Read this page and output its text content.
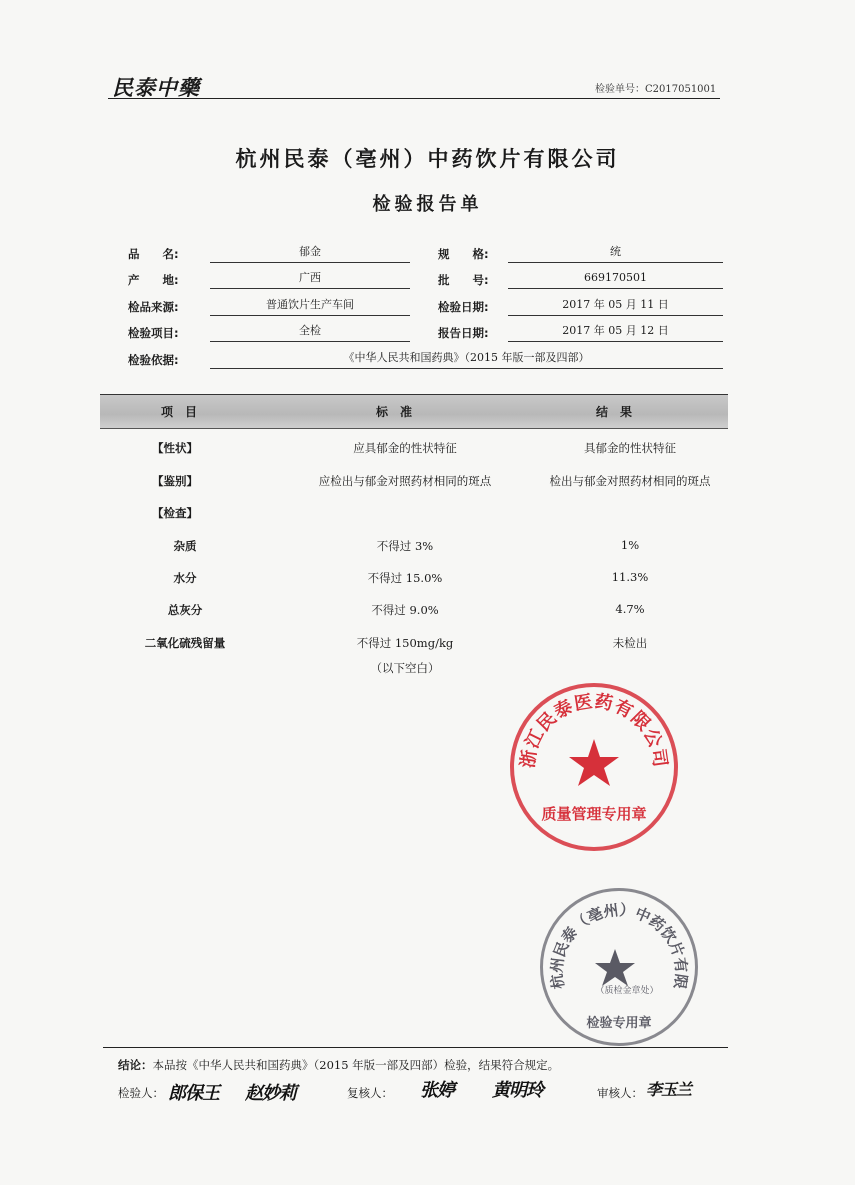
民泰中藥	检验单号：C2017051001
杭州民泰（亳州）中药饮片有限公司
检验报告单
品　　名:	郁金	规　　格:	统
产　　地:	广西	批　　号:	669170501
检品来源:	普通饮片生产车间	检验日期:	2017 年 05 月 11 日
检验项目:	全检	报告日期:	2017 年 05 月 12 日
检验依据:	《中华人民共和国药典》（2015 年版一部及四部）
项目	标准	结果
【性状】	应具郁金的性状特征	具郁金的性状特征
【鉴别】	应检出与郁金对照药材相同的斑点	检出与郁金对照药材相同的斑点
【检查】
杂质	不得过 3%	1%
水分	不得过 15.0%	11.3%
总灰分	不得过 9.0%	4.7%
二氧化硫残留量	不得过 150mg/kg	未检出
（以下空白）
浙江民泰医药有限公司
质量管理专用章
杭州民泰（亳州）中药饮片有限
（质检金章处）
检验专用章
结论：本品按《中华人民共和国药典》（2015 年版一部及四部）检验，结果符合规定。
检验人： 郎保王 赵妙莉	复核人： 张婷 黄明玲	审核人： 李玉兰
